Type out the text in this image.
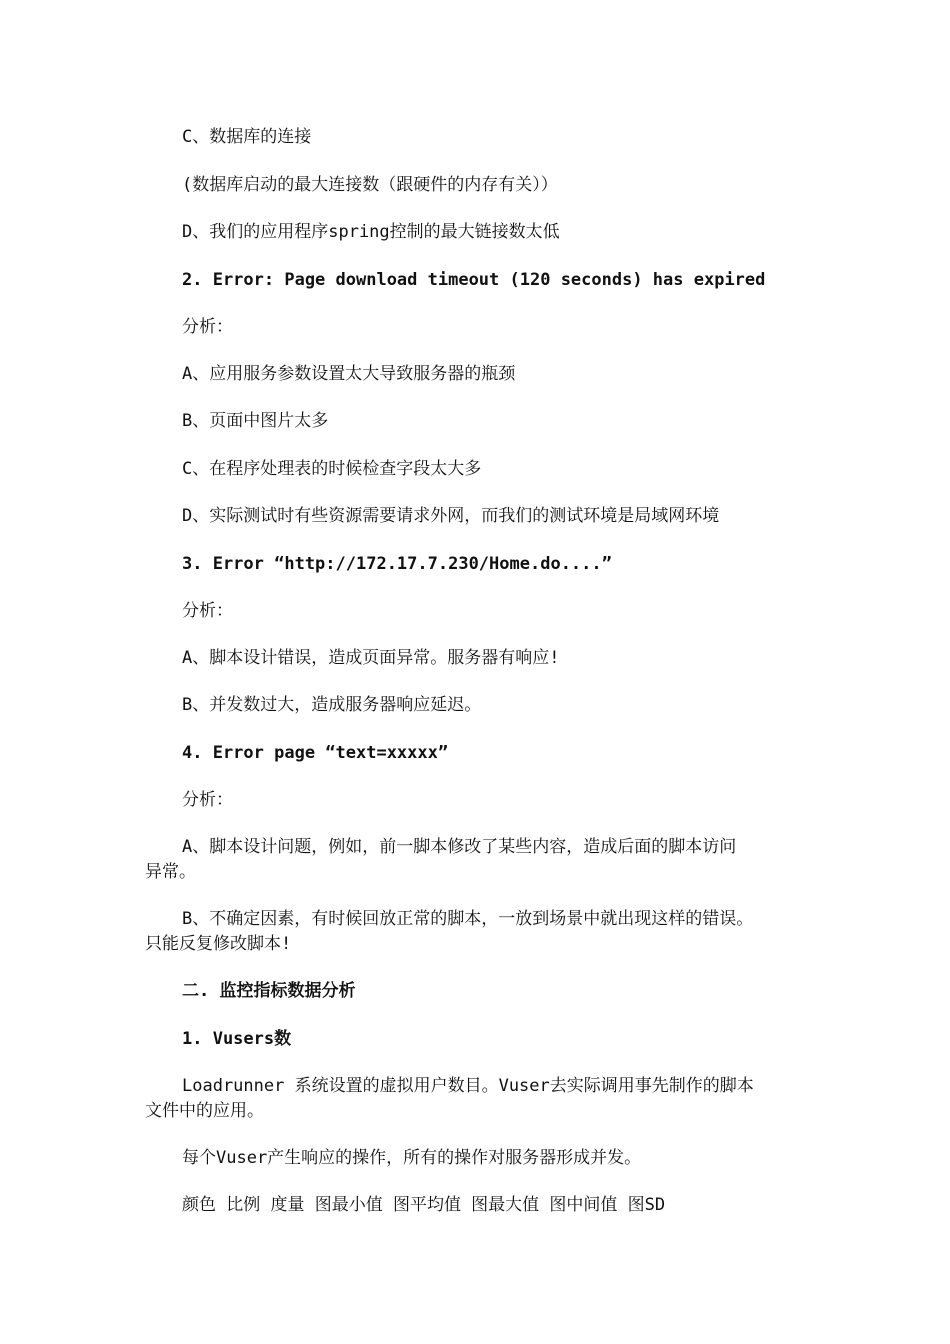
C、数据库的连接
(数据库启动的最大连接数（跟硬件的内存有关））
D、我们的应用程序spring控制的最大链接数太低
2. Error: Page download timeout (120 seconds) has expired
分析：
A、应用服务参数设置太大导致服务器的瓶颈
B、页面中图片太多
C、在程序处理表的时候检查字段太大多
D、实际测试时有些资源需要请求外网，而我们的测试环境是局域网环境
3. Error “http://172.17.7.230/Home.do....”
分析：
A、脚本设计错误，造成页面异常。服务器有响应!
B、并发数过大，造成服务器响应延迟。
4. Error page “text=xxxxx”
分析：
A、脚本设计问题，例如，前一脚本修改了某些内容，造成后面的脚本访问
异常。
B、不确定因素，有时候回放正常的脚本，一放到场景中就出现这样的错误。
只能反复修改脚本!
二. 监控指标数据分析
1. Vusers数
Loadrunner 系统设置的虚拟用户数目。Vuser去实际调用事先制作的脚本
文件中的应用。
每个Vuser产生响应的操作，所有的操作对服务器形成并发。
颜色 比例 度量 图最小值 图平均值 图最大值 图中间值 图SD
